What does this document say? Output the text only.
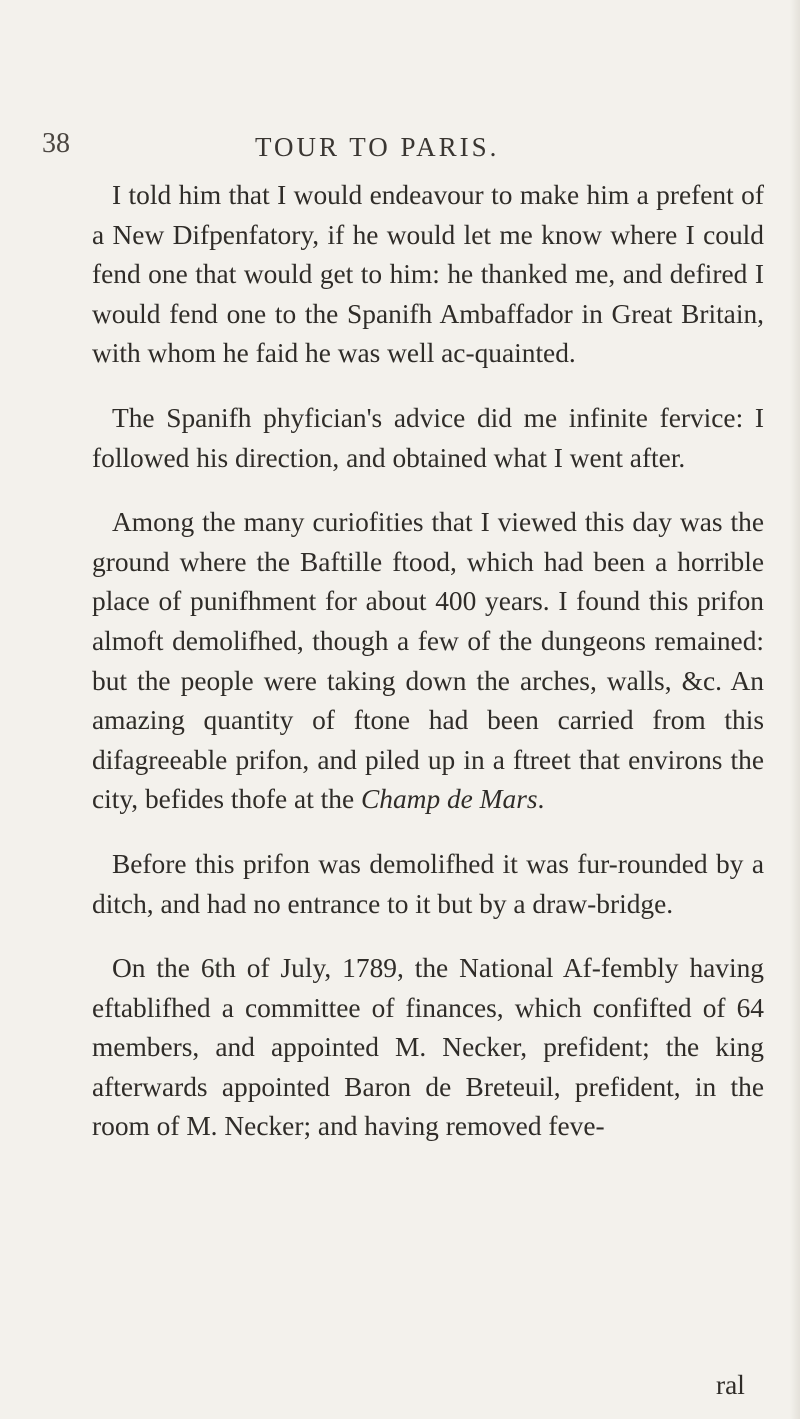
38	TOUR TO PARIS.

I told him that I would endeavour to make him a prefent of a New Difpenfatory, if he would let me know where I could fend one that would get to him: he thanked me, and defired I would fend one to the Spanifh Ambaffador in Great Britain, with whom he faid he was well ac-quainted.

The Spanifh phyfician's advice did me infinite fervice: I followed his direction, and obtained what I went after.

Among the many curiofities that I viewed this day was the ground where the Baftille ftood, which had been a horrible place of punifhment for about 400 years. I found this prifon almoft demolifhed, though a few of the dungeons remained: but the people were taking down the arches, walls, &c. An amazing quantity of ftone had been carried from this difagreeable prifon, and piled up in a ftreet that environs the city, befides thofe at the Champ de Mars.

Before this prifon was demolifhed it was fur-rounded by a ditch, and had no entrance to it but by a draw-bridge.

On the 6th of July, 1789, the National Af-fembly having eftablifhed a committee of finances, which confifted of 64 members, and appointed M. Necker, prefident; the king afterwards appointed Baron de Breteuil, prefident, in the room of M. Necker; and having removed feve-

ral
